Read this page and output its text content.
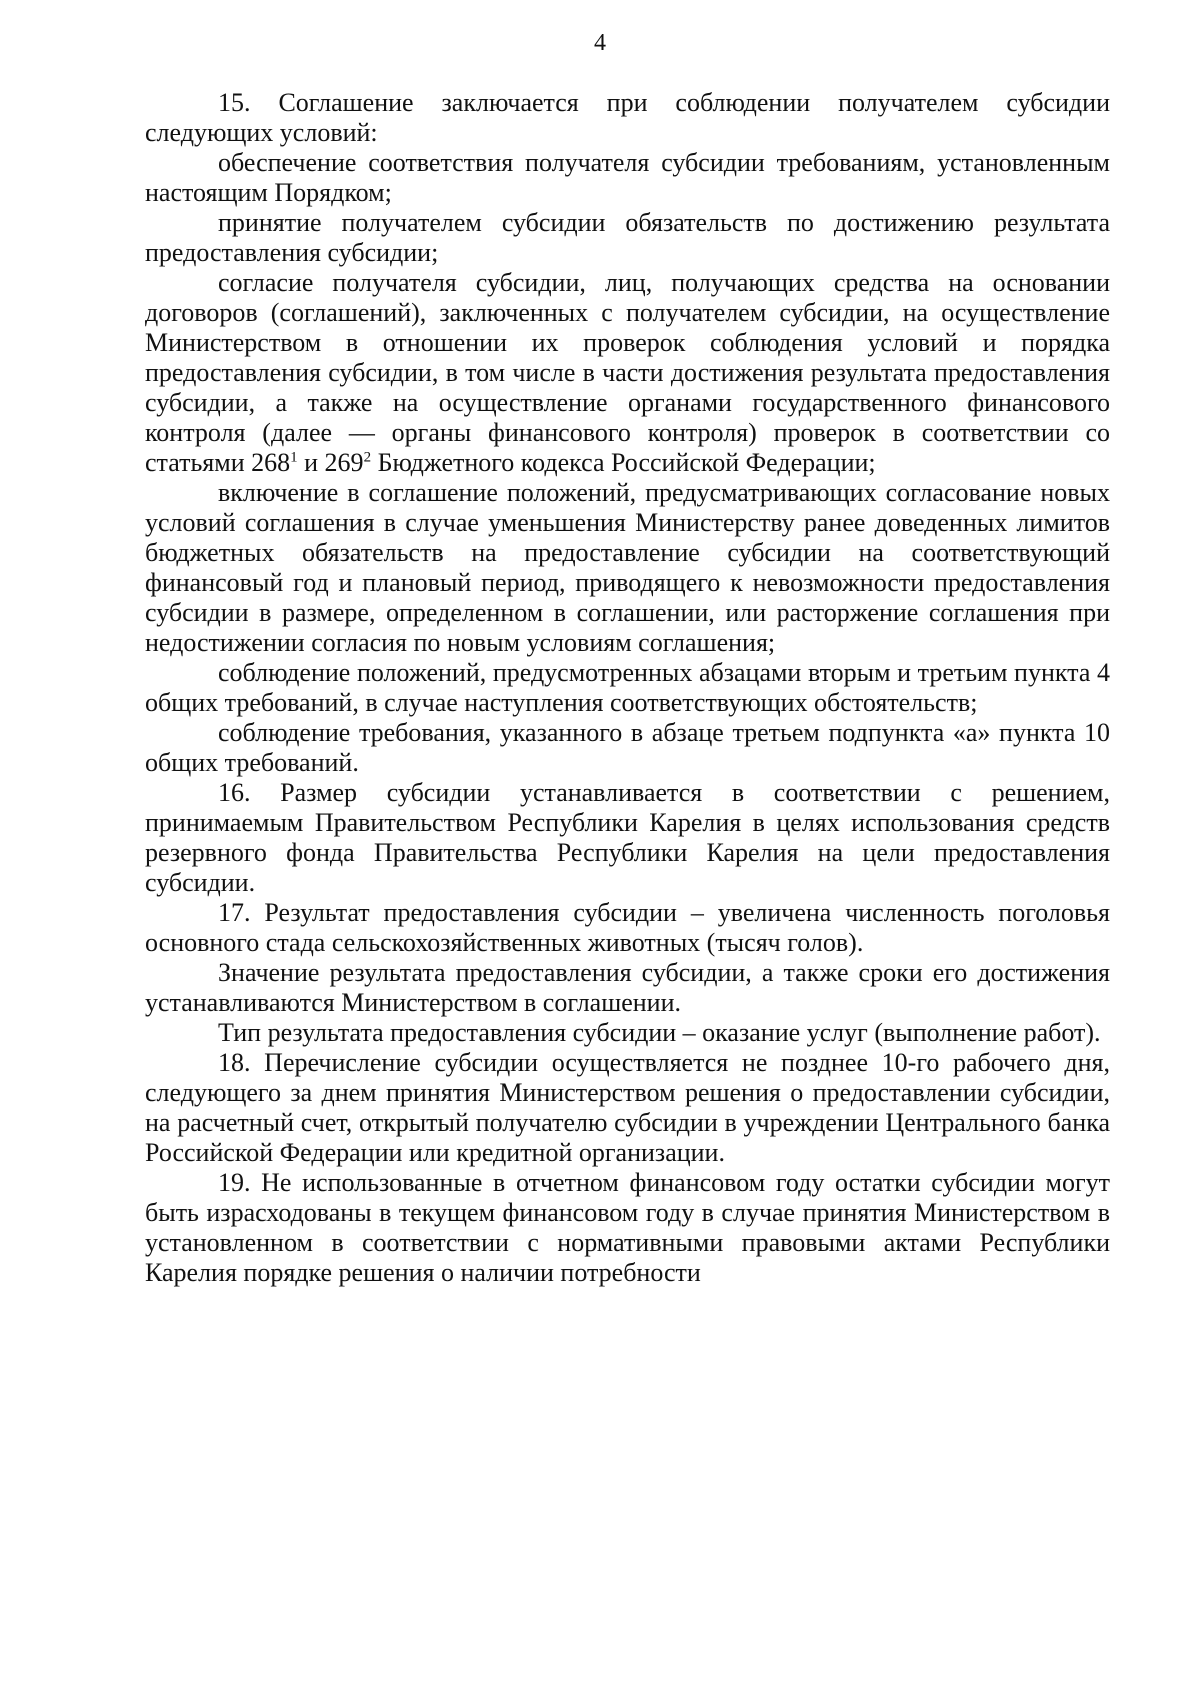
4

15. Соглашение заключается при соблюдении получателем субсидии следующих условий:

обеспечение соответствия получателя субсидии требованиям, установленным настоящим Порядком;

принятие получателем субсидии обязательств по достижению результата предоставления субсидии;

согласие получателя субсидии, лиц, получающих средства на основании договоров (соглашений), заключенных с получателем субсидии, на осуществление Министерством в отношении их проверок соблюдения условий и порядка предоставления субсидии, в том числе в части достижения результата предоставления субсидии, а также на осуществление органами государственного финансового контроля (далее — органы финансового контроля) проверок в соответствии со статьями $268^1$ и $269^2$ Бюджетного кодекса Российской Федерации;

включение в соглашение положений, предусматривающих согласование новых условий соглашения в случае уменьшения Министерству ранее доведенных лимитов бюджетных обязательств на предоставление субсидии на соответствующий финансовый год и плановый период, приводящего к невозможности предоставления субсидии в размере, определенном в соглашении, или расторжение соглашения при недостижении согласия по новым условиям соглашения;

соблюдение положений, предусмотренных абзацами вторым и третьим пункта 4 общих требований, в случае наступления соответствующих обстоятельств;

соблюдение требования, указанного в абзаце третьем подпункта «а» пункта 10 общих требований.

16. Размер субсидии устанавливается в соответствии с решением, принимаемым Правительством Республики Карелия в целях использования средств резервного фонда Правительства Республики Карелия на цели предоставления субсидии.

17. Результат предоставления субсидии – увеличена численность поголовья основного стада сельскохозяйственных животных (тысяч голов).

Значение результата предоставления субсидии, а также сроки его достижения устанавливаются Министерством в соглашении.

Тип результата предоставления субсидии – оказание услуг (выполнение работ).

18. Перечисление субсидии осуществляется не позднее 10-го рабочего дня, следующего за днем принятия Министерством решения о предоставлении субсидии, на расчетный счет, открытый получателю субсидии в учреждении Центрального банка Российской Федерации или кредитной организации.

19. Не использованные в отчетном финансовом году остатки субсидии могут быть израсходованы в текущем финансовом году в случае принятия Министерством в установленном в соответствии с нормативными правовыми актами Республики Карелия порядке решения о наличии потребности
